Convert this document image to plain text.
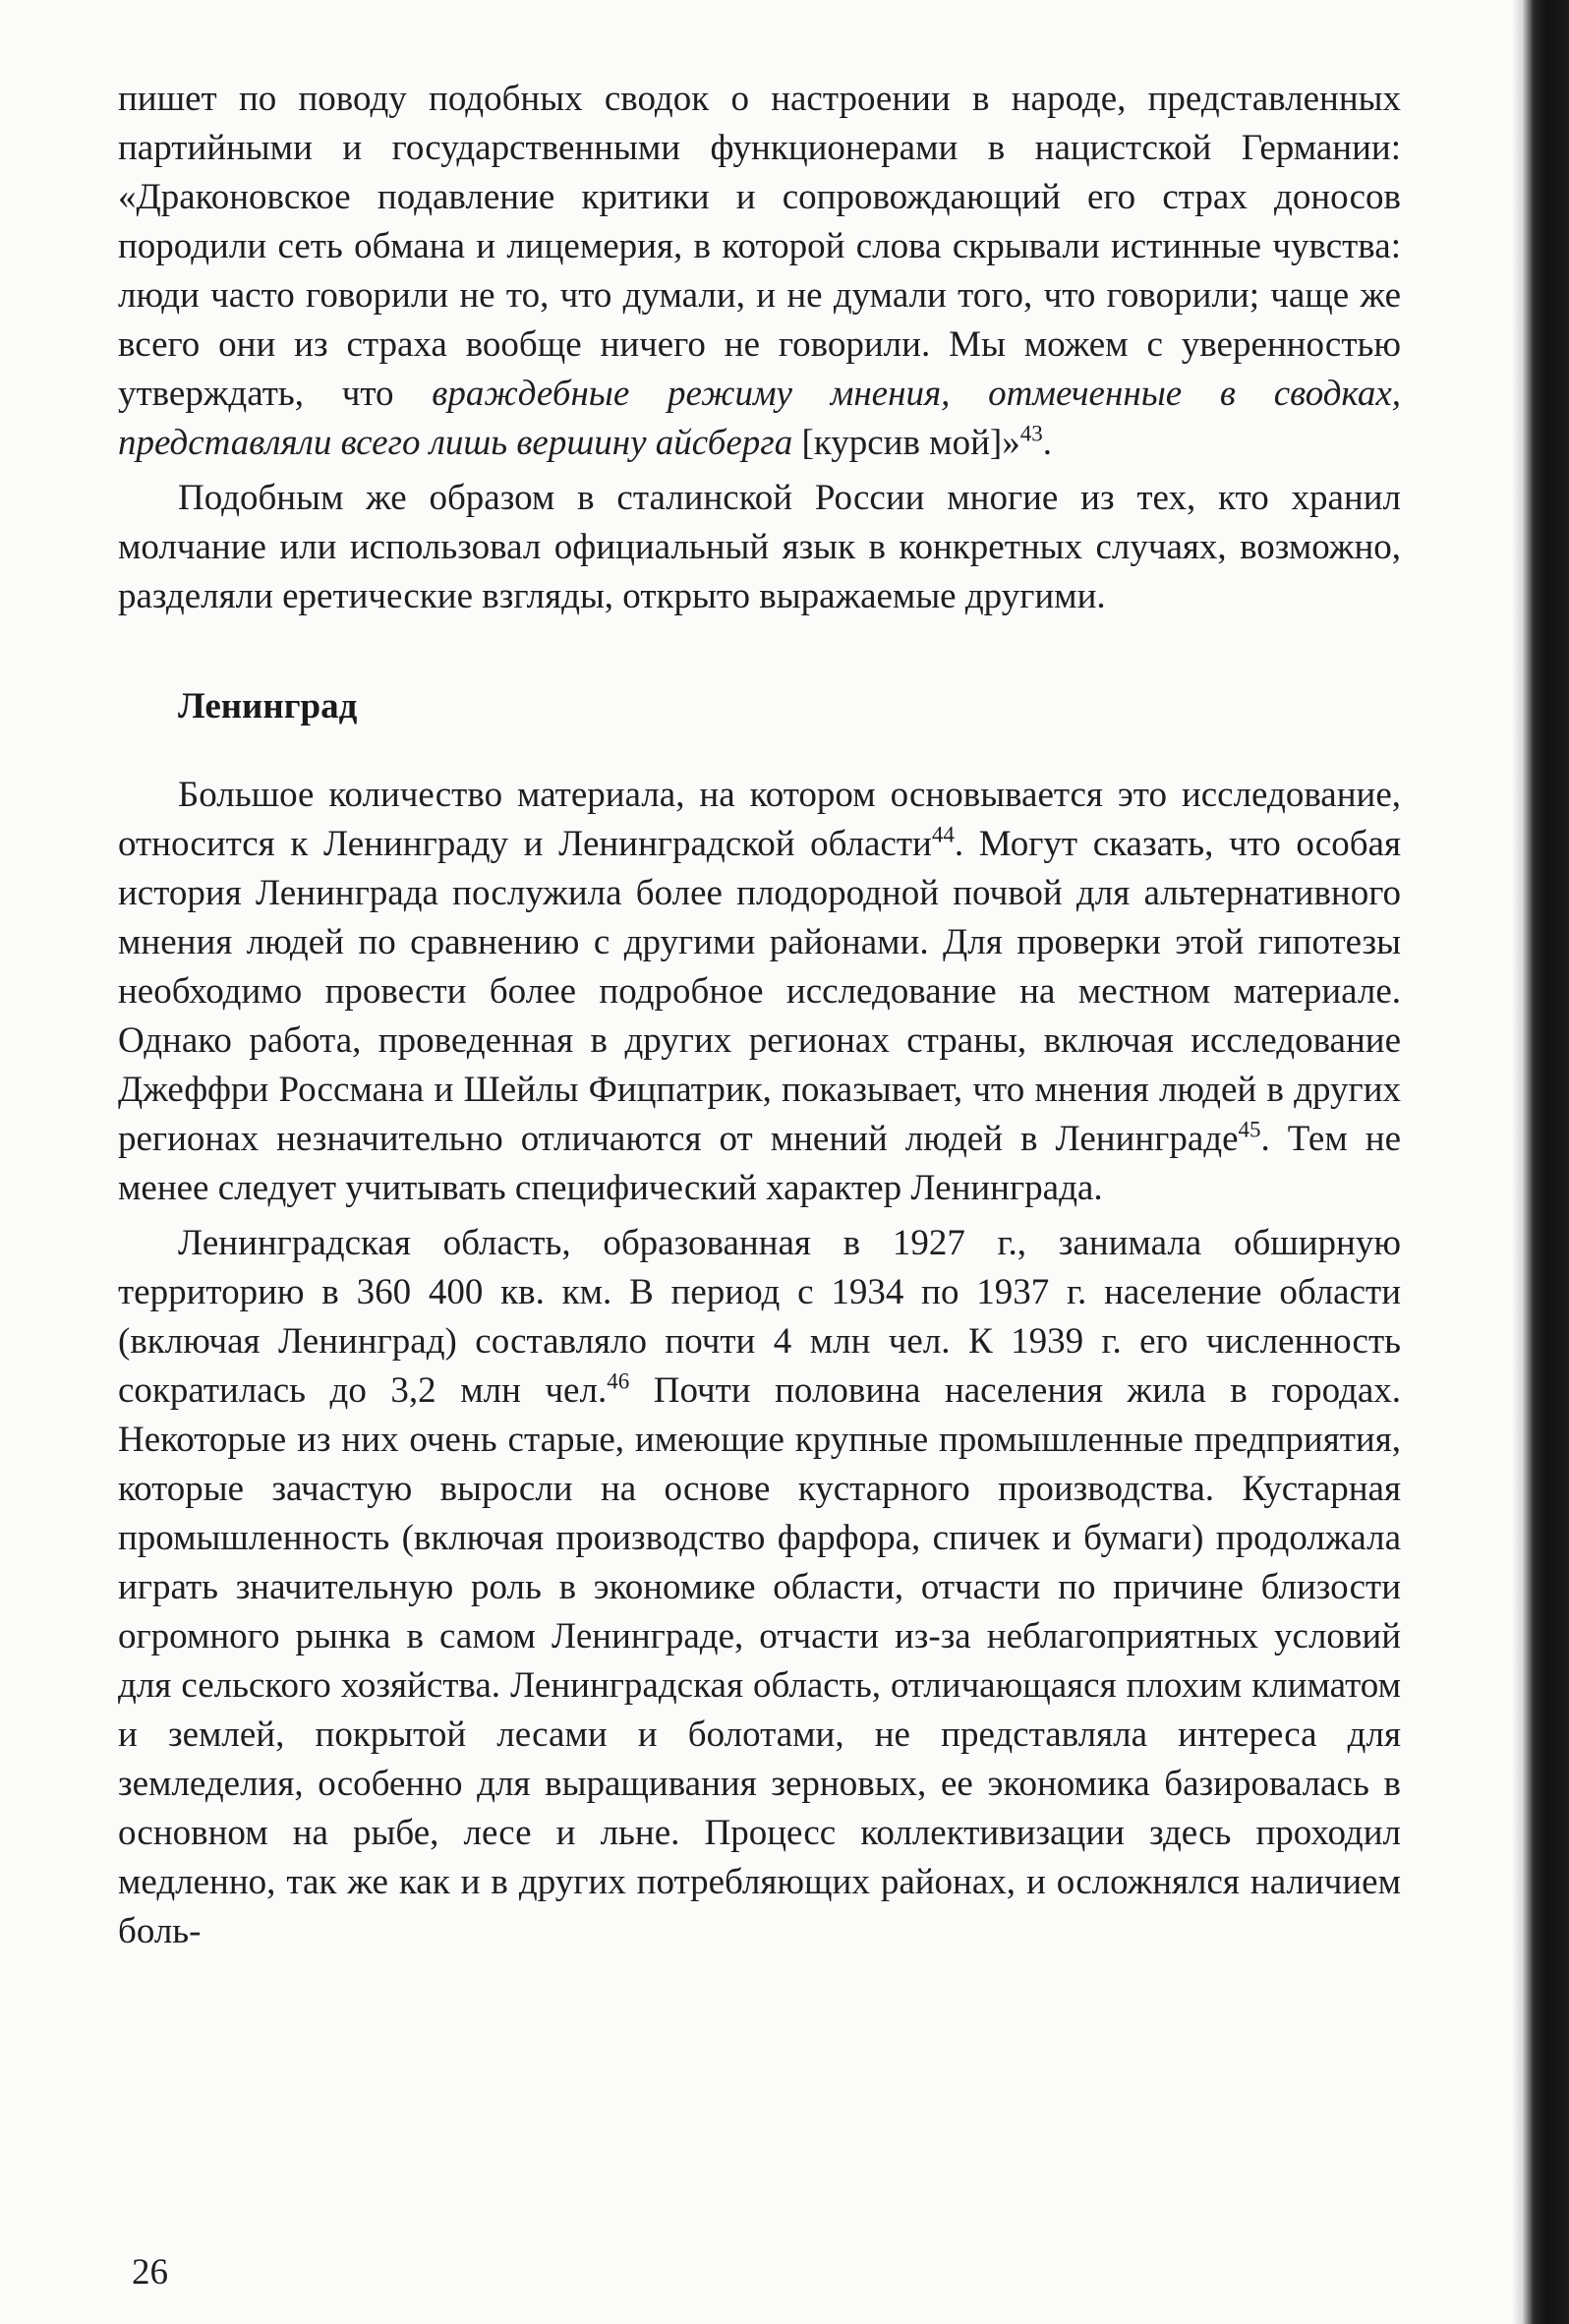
пишет по поводу подобных сводок о настроении в народе, представленных партийными и государственными функционерами в нацистской Германии: «Драконовское подавление критики и сопровождающий его страх доносов породили сеть обмана и лицемерия, в которой слова скрывали истинные чувства: люди часто говорили не то, что думали, и не думали того, что говорили; чаще же всего они из страха вообще ничего не говорили. Мы можем с уверенностью утверждать, что враждебные режиму мнения, отмеченные в сводках, представляли всего лишь вершину айсберга [курсив мой]»$^{43}$.

Подобным же образом в сталинской России многие из тех, кто хранил молчание или использовал официальный язык в конкретных случаях, возможно, разделяли еретические взгляды, открыто выражаемые другими.

Ленинград

Большое количество материала, на котором основывается это исследование, относится к Ленинграду и Ленинградской области$^{44}$. Могут сказать, что особая история Ленинграда послужила более плодородной почвой для альтернативного мнения людей по сравнению с другими районами. Для проверки этой гипотезы необходимо провести более подробное исследование на местном материале. Однако работа, проведенная в других регионах страны, включая исследование Джеффри Россмана и Шейлы Фицпатрик, показывает, что мнения людей в других регионах незначительно отличаются от мнений людей в Ленинграде$^{45}$. Тем не менее следует учитывать специфический характер Ленинграда.

Ленинградская область, образованная в 1927 г., занимала обширную территорию в 360 400 кв. км. В период с 1934 по 1937 г. население области (включая Ленинград) составляло почти 4 млн чел. К 1939 г. его численность сократилась до 3,2 млн чел.$^{46}$ Почти половина населения жила в городах. Некоторые из них очень старые, имеющие крупные промышленные предприятия, которые зачастую выросли на основе кустарного производства. Кустарная промышленность (включая производство фарфора, спичек и бумаги) продолжала играть значительную роль в экономике области, отчасти по причине близости огромного рынка в самом Ленинграде, отчасти из-за неблагоприятных условий для сельского хозяйства. Ленинградская область, отличающаяся плохим климатом и землей, покрытой лесами и болотами, не представляла интереса для земледелия, особенно для выращивания зерновых, ее экономика базировалась в основном на рыбе, лесе и льне. Процесс коллективизации здесь проходил медленно, так же как и в других потребляющих районах, и осложнялся наличием боль-

26
